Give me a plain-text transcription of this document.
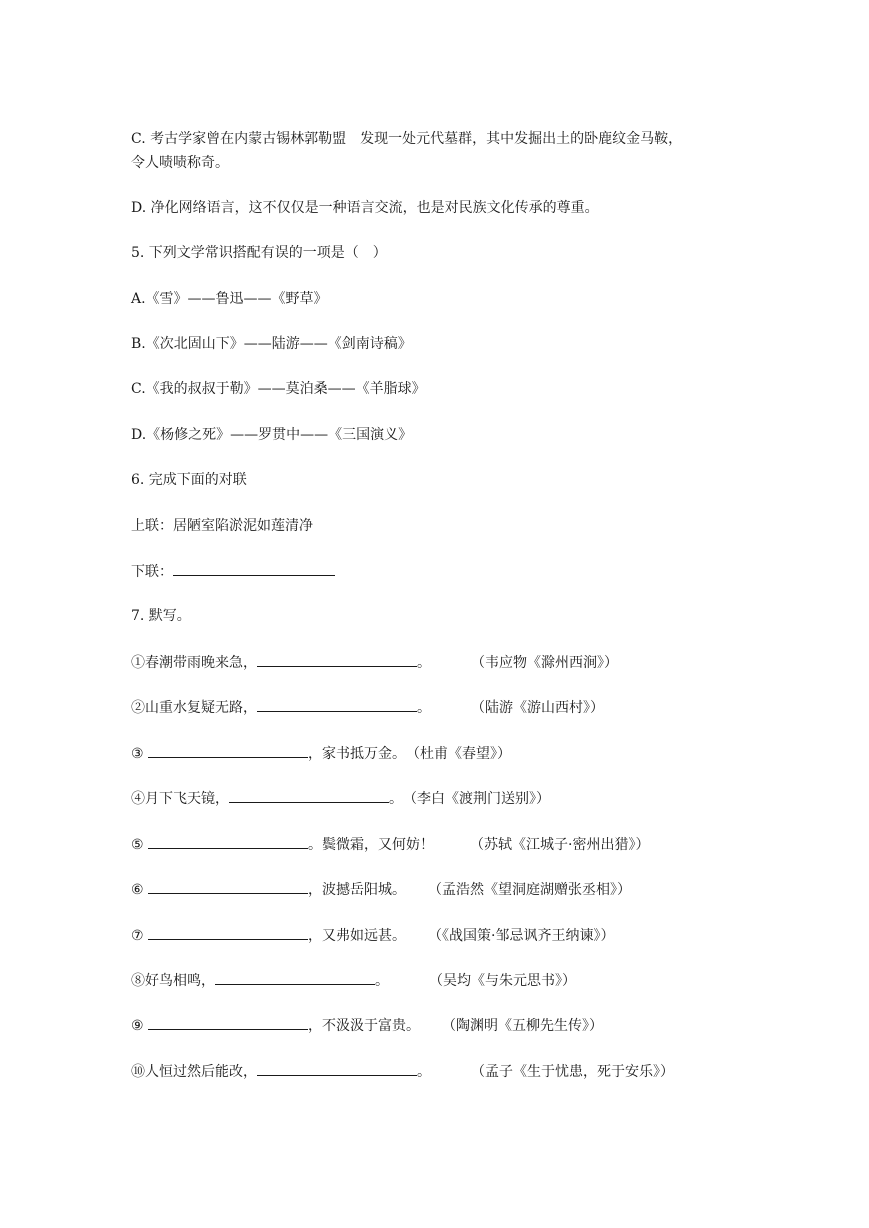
C. 考古学家曾在内蒙古锡林郭勒盟　发现一处元代墓群，其中发掘出土的卧鹿纹金马鞍，
令人啧啧称奇。
D. 净化网络语言，这不仅仅是一种语言交流，也是对民族文化传承的尊重。
5. 下列文学常识搭配有误的一项是（　）
A.《雪》——鲁迅——《野草》
B.《次北固山下》——陆游——《剑南诗稿》
C.《我的叔叔于勒》——莫泊桑——《羊脂球》
D.《杨修之死》——罗贯中——《三国演义》
6. 完成下面的对联
上联：居陋室陷淤泥如莲清净
下联：
7. 默写。
①春潮带雨晚来急，	。	（韦应物《滁州西涧》）
②山重水复疑无路，	。	（陆游《游山西村》）
③	，家书抵万金。（杜甫《春望》）
④月下飞天镜，	。（李白《渡荆门送别》）
⑤	。鬓微霜，又何妨！	（苏轼《江城子·密州出猎》）
⑥	，波撼岳阳城。 （孟浩然《望洞庭湖赠张丞相》）
⑦	，又弗如远甚。 （《战国策·邹忌讽齐王纳谏》）
⑧好鸟相鸣，	。	（吴均《与朱元思书》）
⑨	，不汲汲于富贵。 （陶渊明《五柳先生传》）
⑩人恒过然后能改，	。	（孟子《生于忧患，死于安乐》）
